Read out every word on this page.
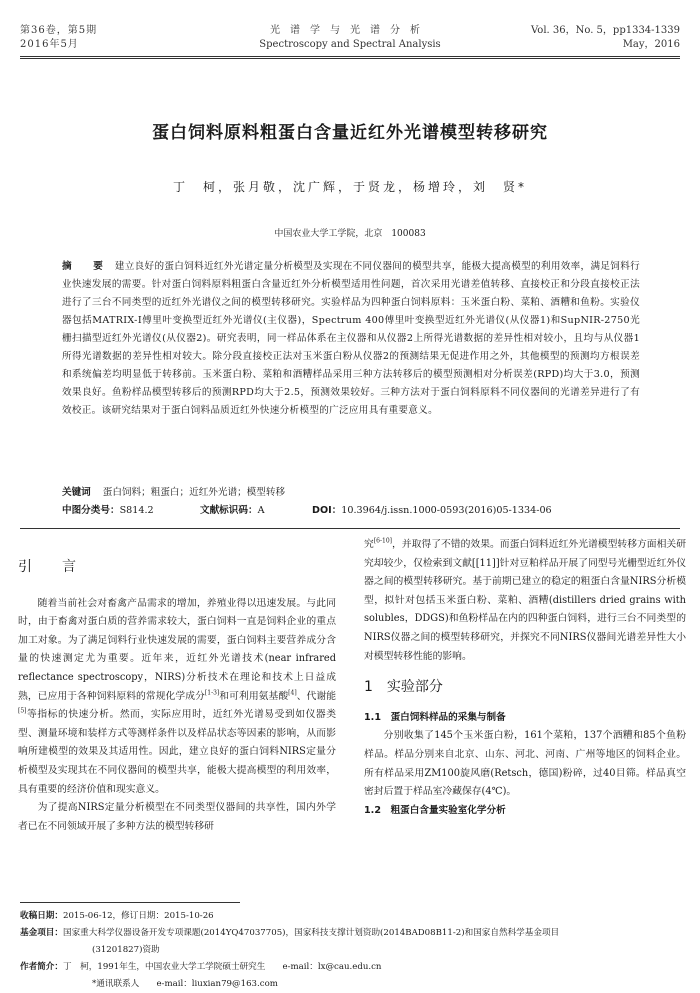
第36卷，第5期
2016年5月
光谱学与光谱分析
Spectroscopy and Spectral Analysis
Vol. 36，No. 5，pp1334-1339
May，2016
蛋白饲料原料粗蛋白含量近红外光谱模型转移研究
丁　柯，张月敬，沈广辉，于贤龙，杨增玲，刘　贤*
中国农业大学工学院，北京　100083
摘　要 建立良好的蛋白饲料近红外光谱定量分析模型及实现在不同仪器间的模型共享，能极大提高模型的利用效率，满足饲料行业快速发展的需要。针对蛋白饲料原料粗蛋白含量近红外分析模型适用性问题，首次采用光谱差值转移、直接校正和分段直接校正法进行了三台不同类型的近红外光谱仪之间的模型转移研究。实验样品为四种蛋白饲料原料：玉米蛋白粉、菜粕、酒糟和鱼粉。实验仪器包括MATRIX-Ⅰ傅里叶变换型近红外光谱仪(主仪器)，Spectrum 400傅里叶变换型近红外光谱仪(从仪器1)和SupNIR-2750光栅扫描型近红外光谱仪(从仪器2)。研究表明，同一样品体系在主仪器和从仪器2上所得光谱数据的差异性相对较小，且均与从仪器1所得光谱数据的差异性相对较大。除分段直接校正法对玉米蛋白粉从仪器2的预测结果无促进作用之外，其他模型的预测均方根误差和系统偏差均明显低于转移前。玉米蛋白粉、菜粕和酒糟样品采用三种方法转移后的模型预测相对分析误差(RPD)均大于3.0，预测效果良好。鱼粉样品模型转移后的预测RPD均大于2.5，预测效果较好。三种方法对于蛋白饲料原料不同仪器间的光谱差异进行了有效校正。该研究结果对于蛋白饲料品质近红外快速分析模型的广泛应用具有重要意义。
关键词 蛋白饲料；粗蛋白；近红外光谱；模型转移
中图分类号：S814.2	文献标识码：A	DOI：10.3964/j.issn.1000-0593(2016)05-1334-06
引　言

随着当前社会对畜禽产品需求的增加，养殖业得以迅速发展。与此同时，由于畜禽对蛋白质的营养需求较大，蛋白饲料一直是饲料企业的重点加工对象。为了满足饲料行业快速发展的需要，蛋白饲料主要营养成分含量的快速测定尤为重要。近年来，近红外光谱技术(near infrared reflectance spectroscopy，NIRS)分析技术在理论和技术上日益成熟，已应用于各种饲料原料的常规化学成分[1-3]和可利用氨基酸[4]、代谢能[5]等指标的快速分析。然而，实际应用时，近红外光谱易受到如仪器类型、测量环境和装样方式等测样条件以及样品状态等因素的影响，从而影响所建模型的效果及其适用性。因此，建立良好的蛋白饲料NIRS定量分析模型及实现其在不同仪器间的模型共享，能极大提高模型的利用效率，具有重要的经济价值和现实意义。

为了提高NIRS定量分析模型在不同类型仪器间的共享性，国内外学者已在不同领域开展了多种方法的模型转移研

究[6-10]，并取得了不错的效果。而蛋白饲料近红外光谱模型转移方面相关研究却较少，仅检索到文献[[11]]针对豆粕样品开展了同型号光栅型近红外仪器之间的模型转移研究。基于前期已建立的稳定的粗蛋白含量NIRS分析模型，拟针对包括玉米蛋白粉、菜粕、酒糟(distillers dried grains with solubles，DDGS)和鱼粉样品在内的四种蛋白饲料，进行三台不同类型的NIRS仪器之间的模型转移研究，并探究不同NIRS仪器间光谱差异性大小对模型转移性能的影响。

1　实验部分
1.1　蛋白饲料样品的采集与制备

分别收集了145个玉米蛋白粉，161个菜粕，137个酒糟和85个鱼粉样品。样品分别来自北京、山东、河北、河南、广州等地区的饲料企业。所有样品采用ZM100旋风磨(Retsch，德国)粉碎，过40目筛。样品真空密封后置于样品室冷藏保存(4℃)。

1.2　粗蛋白含量实验室化学分析
收稿日期：2015-06-12，修订日期：2015-10-26
基金项目：国家重大科学仪器设备开发专项课题(2014YQ47037705)，国家科技支撑计划资助(2014BAD08B11-2)和国家自然科学基金项目
(31201827)资助
作者简介：丁　柯，1991年生，中国农业大学工学院硕士研究生　　e-mail：lx@cau.edu.cn
*通讯联系人　　e-mail：liuxian79@163.com
